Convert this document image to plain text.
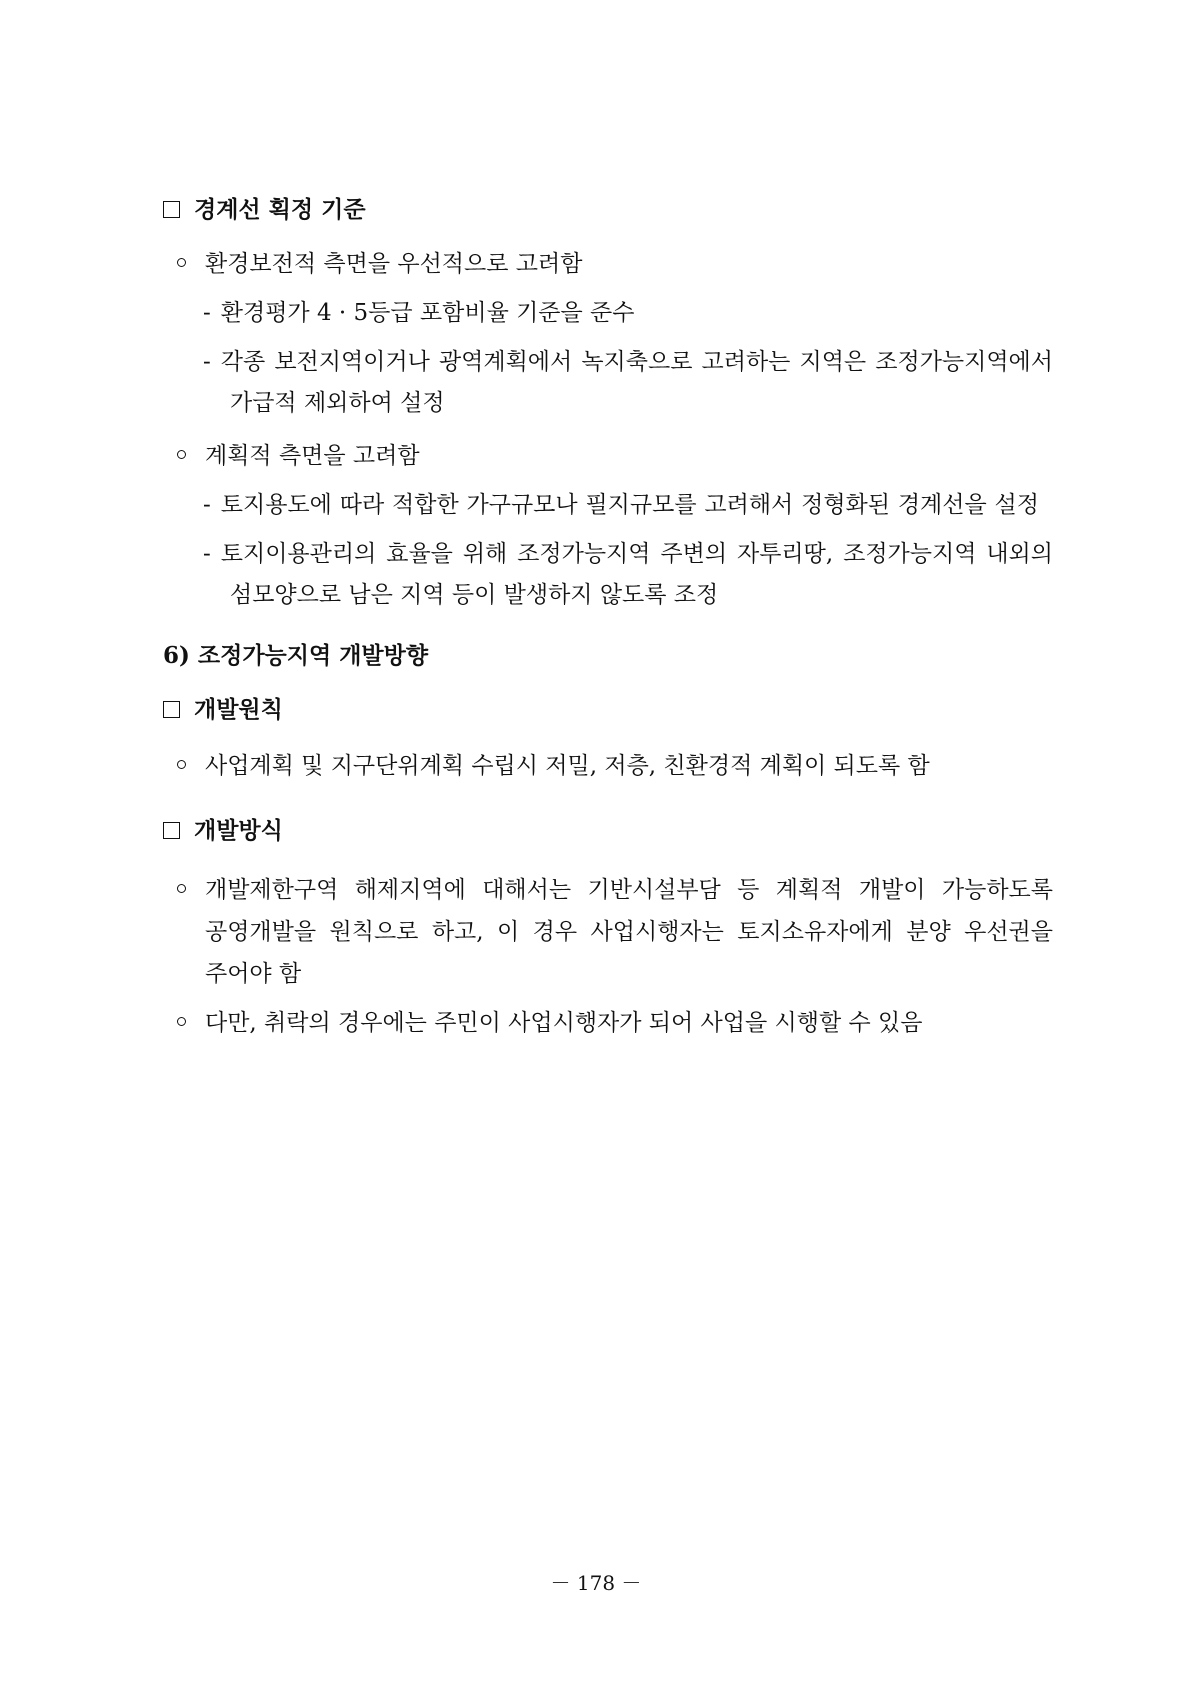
경계선 획정 기준
환경보전적 측면을 우선적으로 고려함
- 환경평가 4 · 5등급 포함비율 기준을 준수
- 각종 보전지역이거나 광역계획에서 녹지축으로 고려하는 지역은 조정가능지역에서
가급적 제외하여 설정
계획적 측면을 고려함
- 토지용도에 따라 적합한 가구규모나 필지규모를 고려해서 정형화된 경계선을 설정
- 토지이용관리의 효율을 위해 조정가능지역 주변의 자투리땅, 조정가능지역 내외의
섬모양으로 남은 지역 등이 발생하지 않도록 조정
6) 조정가능지역 개발방향
개발원칙
사업계획 및 지구단위계획 수립시 저밀, 저층, 친환경적 계획이 되도록 함
개발방식
개발제한구역 해제지역에 대해서는 기반시설부담 등 계획적 개발이 가능하도록
공영개발을 원칙으로 하고, 이 경우 사업시행자는 토지소유자에게 분양 우선권을
주어야 함
다만, 취락의 경우에는 주민이 사업시행자가 되어 사업을 시행할 수 있음
－ 178 －
